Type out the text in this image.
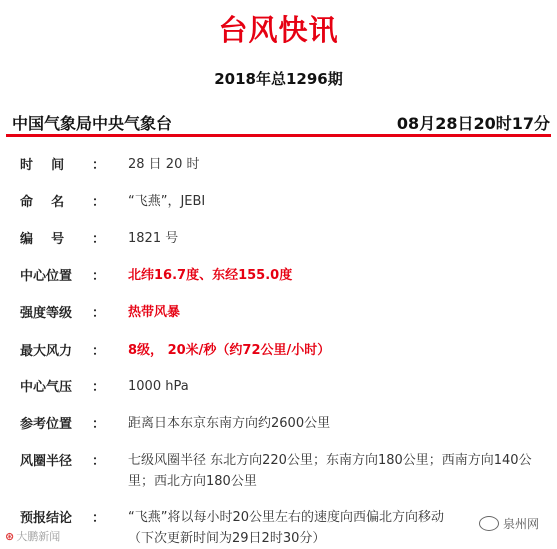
台风快讯
2018年总1296期
中国气象局中央气象台	08月28日20时17分
时    间 ： 28 日 20 时
命    名 ： “飞燕”，JEBI
编    号 ： 1821 号
中心位置 ： 北纬16.7度、东经155.0度
强度等级 ： 热带风暴
最大风力 ： 8级， 20米/秒（约72公里/小时）
中心气压 ： 1000 hPa
参考位置 ： 距离日本东京东南方向约2600公里
风圈半径 ： 七级风圈半径 东北方向220公里；东南方向180公里；西南方向140公里；西北方向180公里
预报结论 ： “飞燕”将以每小时20公里左右的速度向西偏北方向移动 （下次更新时间为29日2时30分）
⊛ 大鹏新闻
泉州网
